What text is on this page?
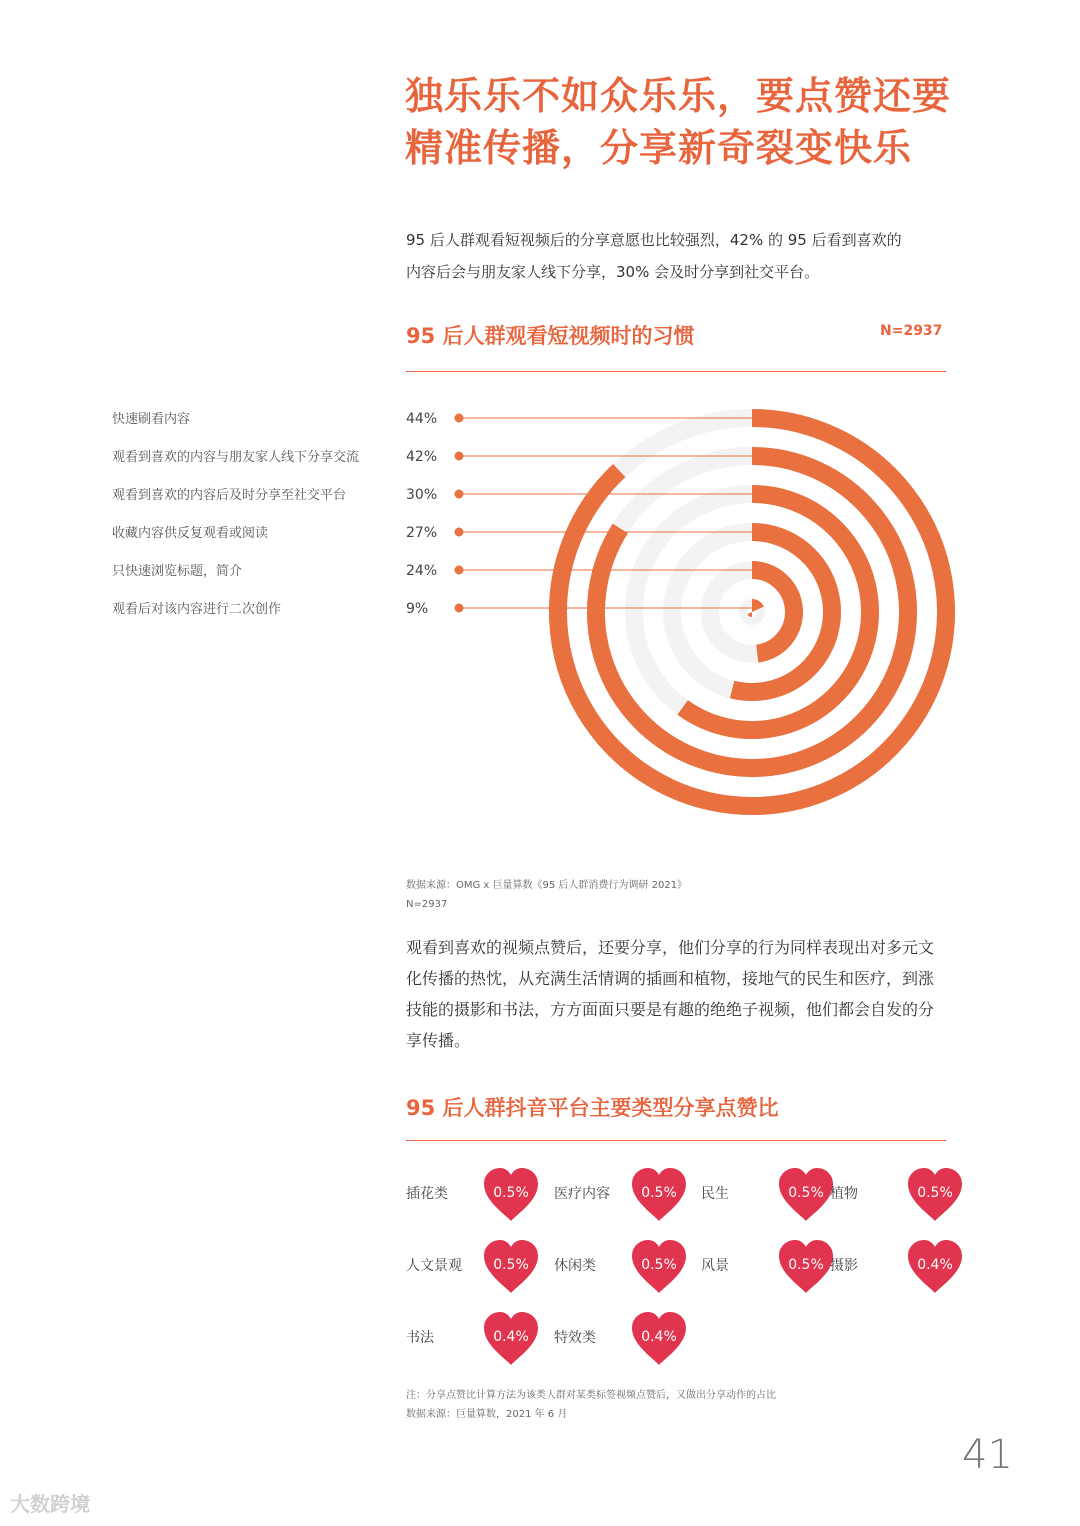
独乐乐不如众乐乐，要点赞还要
精准传播，分享新奇裂变快乐
95 后人群观看短视频后的分享意愿也比较强烈，42% 的 95 后看到喜欢的
内容后会与朋友家人线下分享，30% 会及时分享到社交平台。
95 后人群观看短视频时的习惯	N=2937
44%
快速刷看内容
42%
观看到喜欢的内容与朋友家人线下分享交流
30%
观看到喜欢的内容后及时分享至社交平台
27%
收藏内容供反复观看或阅读
24%
只快速浏览标题，简介
9%
观看后对该内容进行二次创作
数据来源：OMG x 巨量算数《95 后人群消费行为调研 2021》
N=2937
观看到喜欢的视频点赞后，还要分享，他们分享的行为同样表现出对多元文
化传播的热忱，从充满生活情调的插画和植物，接地气的民生和医疗，到涨
技能的摄影和书法，方方面面只要是有趣的绝绝子视频，他们都会自发的分
享传播。
95 后人群抖音平台主要类型分享点赞比
插花类	0.5%	医疗内容	0.5%	民生	0.5% 植物	0.5%
人文景观	0.5%	休闲类	0.5%	风景	0.5% 摄影	0.4%
书法	0.4%	特效类	0.4%
注：分享点赞比计算方法为该类人群对某类标签视频点赞后，又做出分享动作的占比
数据来源：巨量算数，2021 年 6 月
41
大数跨境
